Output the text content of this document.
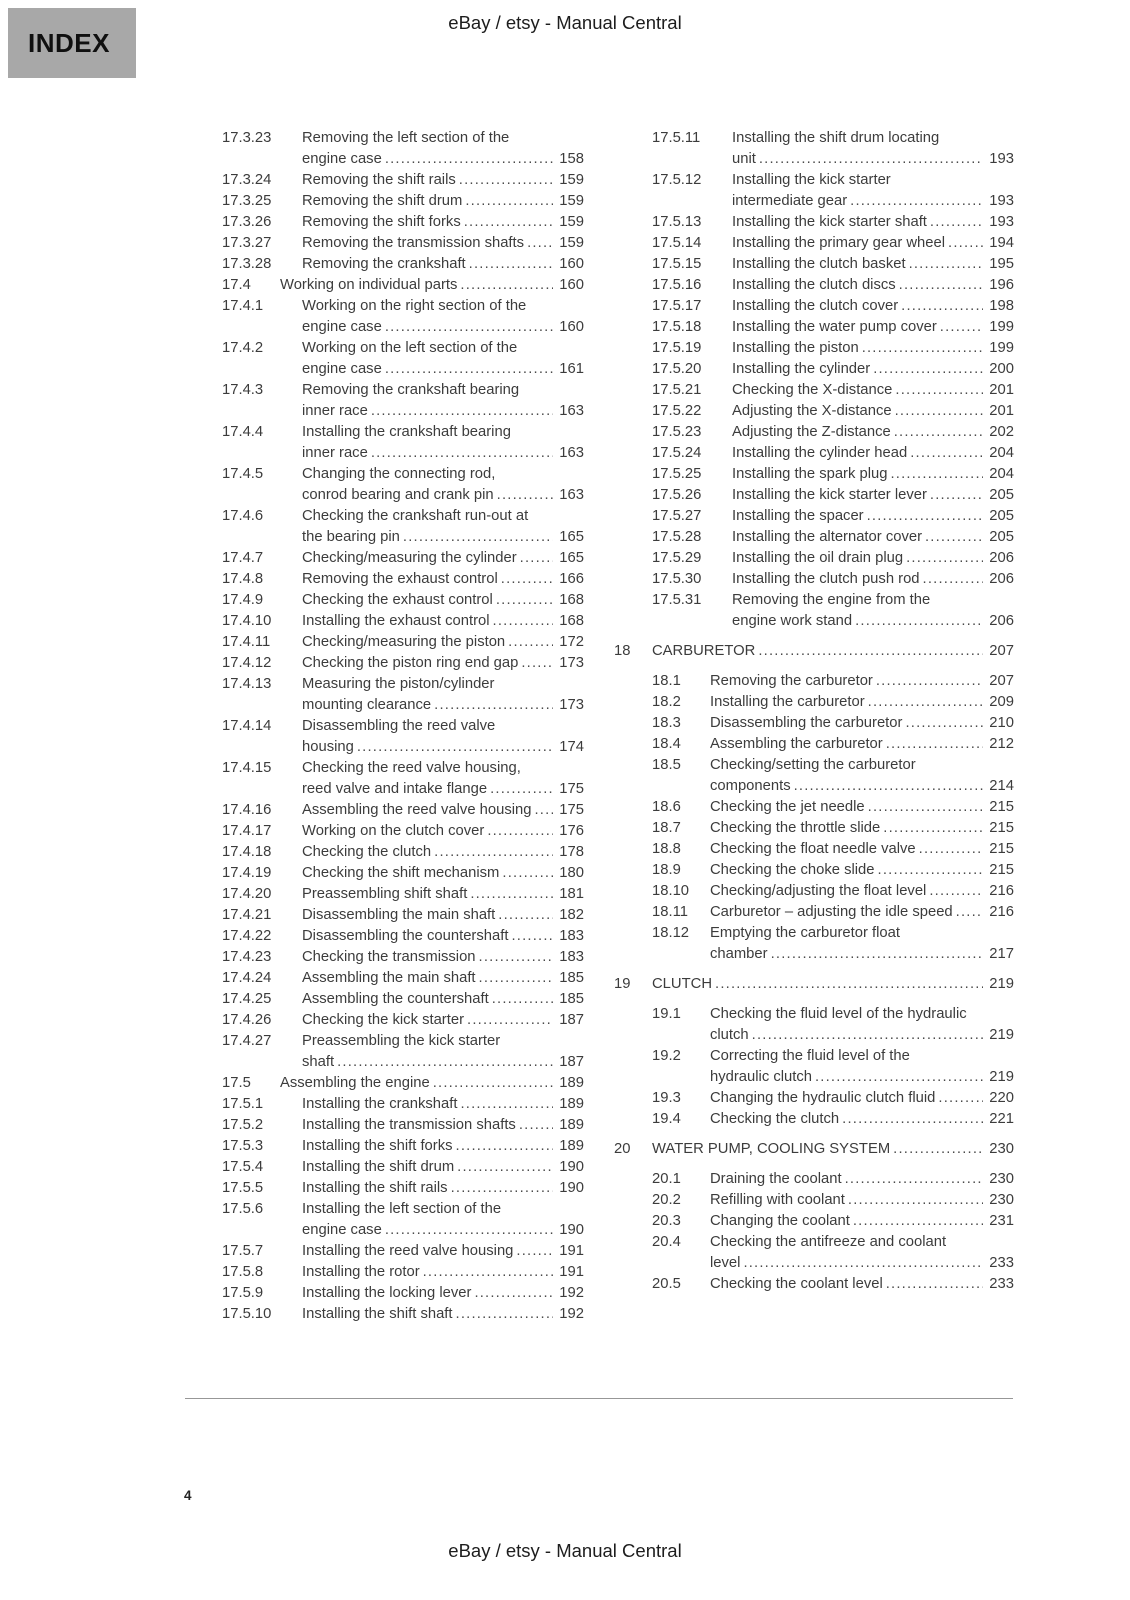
INDEX
eBay / etsy - Manual Central
17.3.23	Removing the left section of the
engine case .....	158
17.3.24	Removing the shift rails .....	159
17.3.25	Removing the shift drum .....	159
17.3.26	Removing the shift forks .....	159
17.3.27	Removing the transmission shafts ..... 159
17.3.28	Removing the crankshaft .....	160
17.4	Working on individual parts .....	160
17.4.1	Working on the right section of the
engine case .....	160
17.4.2	Working on the left section of the
engine case .....	161
17.4.3	Removing the crankshaft bearing
inner race .....	163
17.4.4	Installing the crankshaft bearing
inner race .....	163
17.4.5	Changing the connecting rod,
conrod bearing and crank pin .....	163
17.4.6	Checking the crankshaft run-out at
the bearing pin .....	165
17.4.7	Checking/measuring the cylinder .....	165
17.4.8	Removing the exhaust control .....	166
17.4.9	Checking the exhaust control .....	168
17.4.10	Installing the exhaust control .....	168
17.4.11	Checking/measuring the piston .....	172
17.4.12	Checking the piston ring end gap .....	173
17.4.13	Measuring the piston/cylinder
mounting clearance .....	173
17.4.14	Disassembling the reed valve
housing .....	174
17.4.15	Checking the reed valve housing,
reed valve and intake flange .....	175
17.4.16	Assembling the reed valve housing ..... 175
17.4.17	Working on the clutch cover .....	176
17.4.18	Checking the clutch .....	178
17.4.19	Checking the shift mechanism .....	180
17.4.20	Preassembling shift shaft .....	181
17.4.21	Disassembling the main shaft .....	182
17.4.22	Disassembling the countershaft .....	183
17.4.23	Checking the transmission .....	183
17.4.24	Assembling the main shaft .....	185
17.4.25	Assembling the countershaft .....	185
17.4.26	Checking the kick starter .....	187
17.4.27	Preassembling the kick starter
shaft .....	187
17.5	Assembling the engine .....	189
17.5.1	Installing the crankshaft .....	189
17.5.2	Installing the transmission shafts .....	189
17.5.3	Installing the shift forks .....	189
17.5.4	Installing the shift drum .....	190
17.5.5	Installing the shift rails .....	190
17.5.6	Installing the left section of the
engine case .....	190
17.5.7	Installing the reed valve housing .....	191
17.5.8	Installing the rotor .....	191
17.5.9	Installing the locking lever .....	192
17.5.10	Installing the shift shaft .....	192
17.5.11	Installing the shift drum locating
unit .....	193
17.5.12	Installing the kick starter
intermediate gear .....	193
17.5.13	Installing the kick starter shaft .....	193
17.5.14	Installing the primary gear wheel .....	194
17.5.15	Installing the clutch basket .....	195
17.5.16	Installing the clutch discs .....	196
17.5.17	Installing the clutch cover .....	198
17.5.18	Installing the water pump cover .....	199
17.5.19	Installing the piston .....	199
17.5.20	Installing the cylinder .....	200
17.5.21	Checking the X-distance .....	201
17.5.22	Adjusting the X-distance .....	201
17.5.23	Adjusting the Z-distance .....	202
17.5.24	Installing the cylinder head .....	204
17.5.25	Installing the spark plug .....	204
17.5.26	Installing the kick starter lever .....	205
17.5.27	Installing the spacer .....	205
17.5.28	Installing the alternator cover .....	205
17.5.29	Installing the oil drain plug .....	206
17.5.30	Installing the clutch push rod .....	206
17.5.31	Removing the engine from the
engine work stand .....	206
18	CARBURETOR .....	207
18.1	Removing the carburetor .....	207
18.2	Installing the carburetor .....	209
18.3	Disassembling the carburetor .....	210
18.4	Assembling the carburetor .....	212
18.5	Checking/setting the carburetor
components .....	214
18.6	Checking the jet needle .....	215
18.7	Checking the throttle slide .....	215
18.8	Checking the float needle valve .....	215
18.9	Checking the choke slide .....	215
18.10	Checking/adjusting the float level .....	216
18.11	Carburetor – adjusting the idle speed ..... 216
18.12	Emptying the carburetor float
chamber .....	217
19	CLUTCH .....	219
19.1	Checking the fluid level of the hydraulic
clutch .....	219
19.2	Correcting the fluid level of the
hydraulic clutch .....	219
19.3	Changing the hydraulic clutch fluid .....	220
19.4	Checking the clutch .....	221
20	WATER PUMP, COOLING SYSTEM .....	230
20.1	Draining the coolant .....	230
20.2	Refilling with coolant .....	230
20.3	Changing the coolant .....	231
20.4	Checking the antifreeze and coolant
level .....	233
20.5	Checking the coolant level .....	233
4
eBay / etsy - Manual Central
